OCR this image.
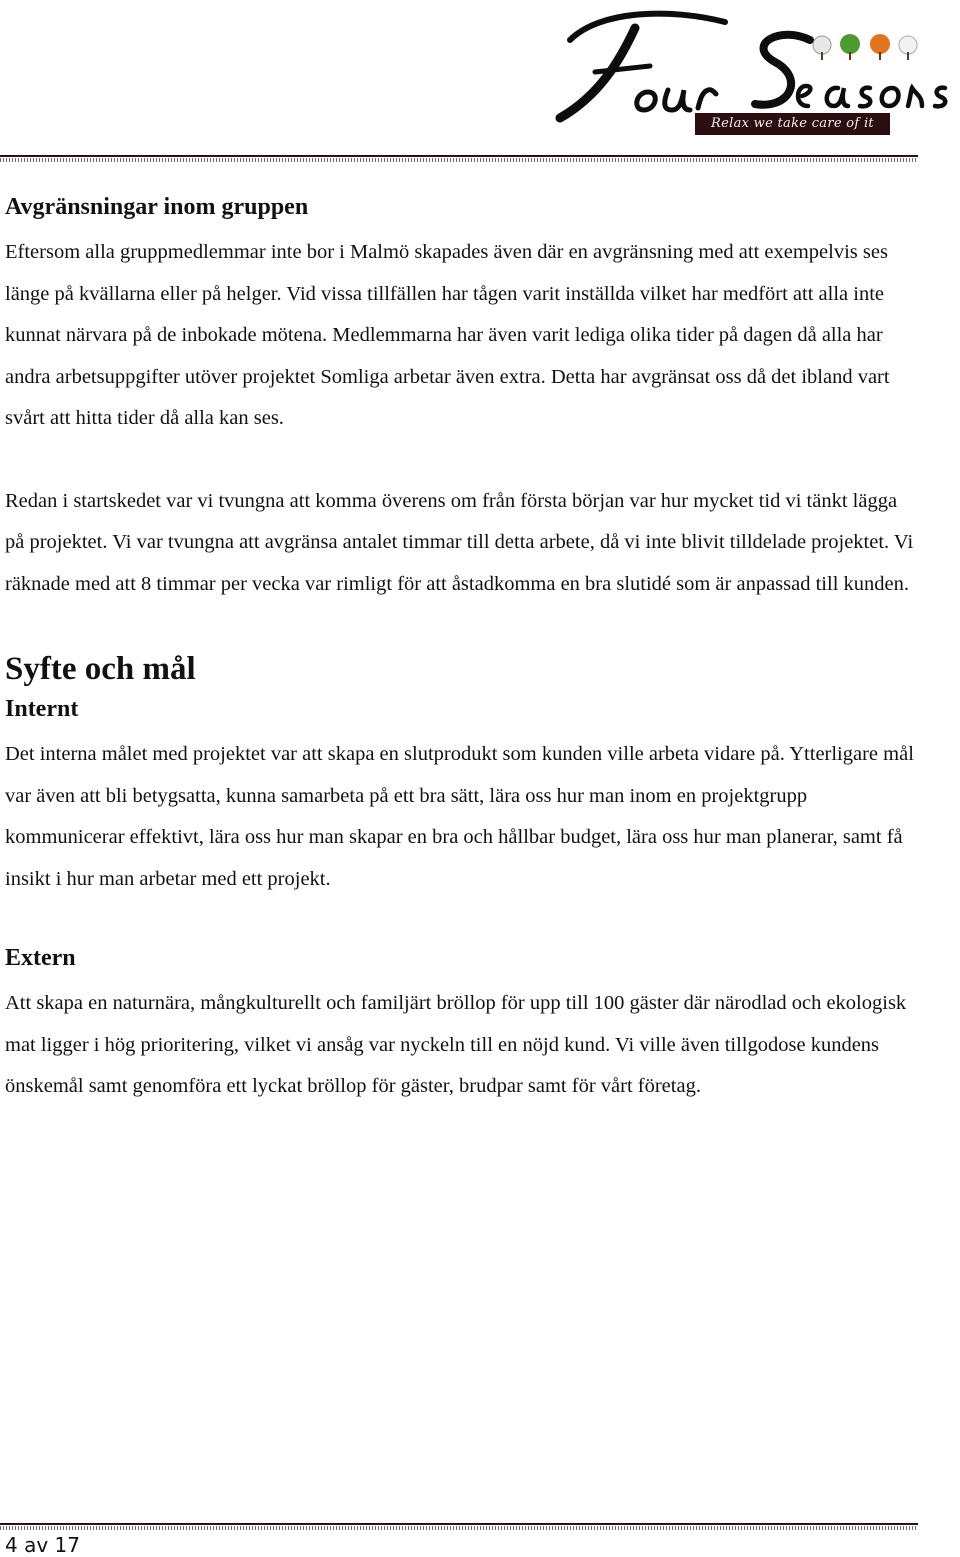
Relax we take care of it
Avgränsningar inom gruppen

Eftersom alla gruppmedlemmar inte bor i Malmö skapades även där en avgränsning med att exempelvis ses länge på kvällarna eller på helger. Vid vissa tillfällen har tågen varit inställda vilket har medfört att alla inte kunnat närvara på de inbokade mötena. Medlemmarna har även varit lediga olika tider på dagen då alla har andra arbetsuppgifter utöver projektet Somliga arbetar även extra. Detta har avgränsat oss då det ibland vart svårt att hitta tider då alla kan ses.

Redan i startskedet var vi tvungna att komma överens om från första början var hur mycket tid vi tänkt lägga på projektet. Vi var tvungna att avgränsa antalet timmar till detta arbete, då vi inte blivit tilldelade projektet. Vi räknade med att 8 timmar per vecka var rimligt för att åstadkomma en bra slutidé som är anpassad till kunden.

Syfte och mål
Internt

Det interna målet med projektet var att skapa en slutprodukt som kunden ville arbeta vidare på. Ytterligare mål var även att bli betygsatta, kunna samarbeta på ett bra sätt, lära oss hur man inom en projektgrupp kommunicerar effektivt, lära oss hur man skapar en bra och hållbar budget, lära oss hur man planerar, samt få insikt i hur man arbetar med ett projekt.

Extern

Att skapa en naturnära, mångkulturellt och familjärt bröllop för upp till 100 gäster där närodlad och ekologisk mat ligger i hög prioritering, vilket vi ansåg var nyckeln till en nöjd kund. Vi ville även tillgodose kundens önskemål samt genomföra ett lyckat bröllop för gäster, brudpar samt för vårt företag.

4 av 17
